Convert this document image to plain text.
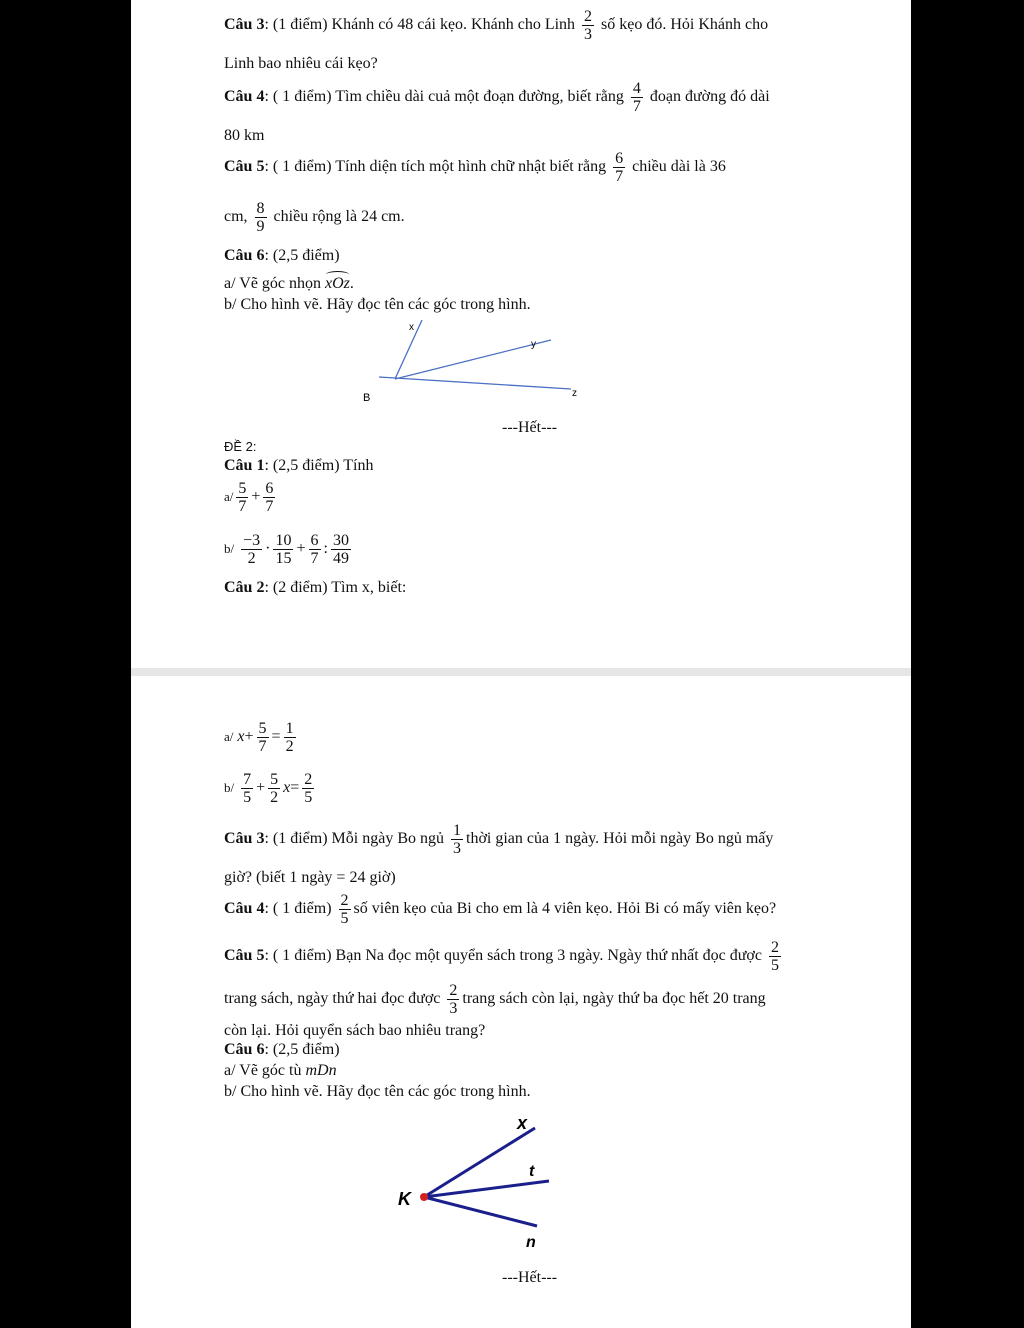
Câu 3: (1 điểm) Khánh có 48 cái kẹo. Khánh cho Linh $\frac{2}{3}$ số kẹo đó. Hỏi Khánh cho
Linh bao nhiêu cái kẹo?
Câu 4: ( 1 điểm) Tìm chiều dài cuả một đoạn đường, biết rằng $\frac{4}{7}$ đoạn đường đó dài
80 km
Câu 5: ( 1 điểm) Tính diện tích một hình chữ nhật biết rằng $\frac{6}{7}$ chiều dài là 36
cm, $\frac{8}{9}$ chiều rộng là 24 cm.
Câu 6: (2,5 điểm)
a/ Vẽ góc nhọn xOz.
b/ Cho hình vẽ. Hãy đọc tên các góc trong hình.
x
y
z
B
---Hết---
ĐỀ 2:
Câu 1: (2,5 điểm) Tính
$a/ \frac{5}{7} + \frac{6}{7}$
$b/ \frac{-3}{2} \cdot \frac{10}{15} + \frac{6}{7}$ : $\frac{30}{49}$
Câu 2: (2 điểm) Tìm x, biết:
a/ $x+ \frac{5}{7} = \frac{1}{2}$
$b/ \frac{7}{5} + \frac{5}{2} x= \frac{2}{5}$
Câu 3: (1 điểm) Mỗi ngày Bo ngủ $\frac{1}{3}$ thời gian của 1 ngày. Hỏi mỗi ngày Bo ngủ mấy
giờ? (biết 1 ngày = 24 giờ)
Câu 4: ( 1 điểm) $\frac{2}{5}$ số viên kẹo của Bi cho em là 4 viên kẹo. Hỏi Bi có mấy viên kẹo?
Câu 5: ( 1 điểm) Bạn Na đọc một quyển sách trong 3 ngày. Ngày thứ nhất đọc được $\frac{2}{5}$
trang sách, ngày thứ hai đọc được $\frac{2}{3}$ trang sách còn lại, ngày thứ ba đọc hết 20 trang
còn lại. Hỏi quyển sách bao nhiêu trang?
Câu 6: (2,5 điểm)
a/ Vẽ góc tù mDn
b/ Cho hình vẽ. Hãy đọc tên các góc trong hình.
x
t
K
n
---Hết---
